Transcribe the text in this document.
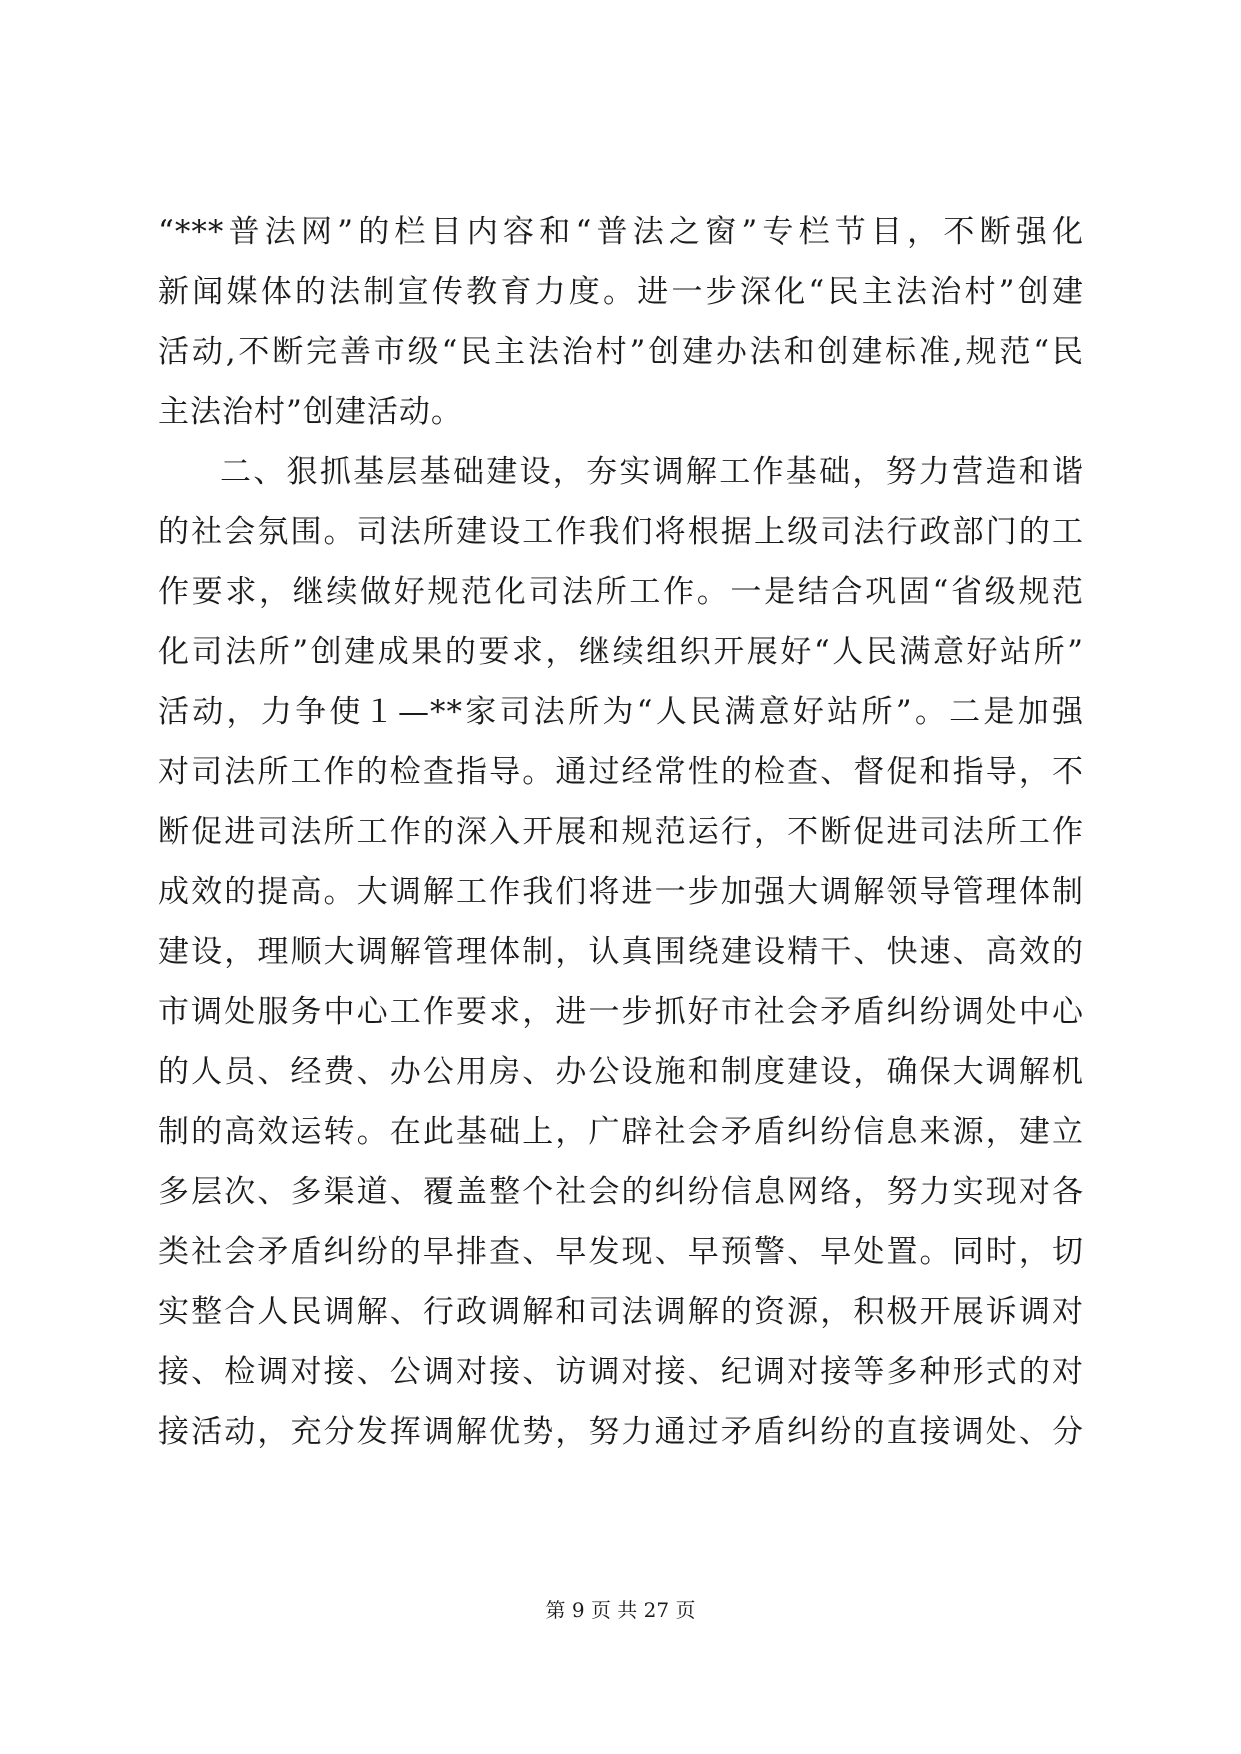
“***普法网”的栏目内容和“普法之窗”专栏节目，不断强化
新闻媒体的法制宣传教育力度。进一步深化“民主法治村”创建
活动,不断完善市级“民主法治村”创建办法和创建标准,规范“民
主法治村”创建活动。
二、狠抓基层基础建设，夯实调解工作基础，努力营造和谐
的社会氛围。司法所建设工作我们将根据上级司法行政部门的工
作要求，继续做好规范化司法所工作。一是结合巩固“省级规范
化司法所”创建成果的要求，继续组织开展好“人民满意好站所”
活动，力争使１—**家司法所为“人民满意好站所”。二是加强
对司法所工作的检查指导。通过经常性的检查、督促和指导，不
断促进司法所工作的深入开展和规范运行，不断促进司法所工作
成效的提高。大调解工作我们将进一步加强大调解领导管理体制
建设，理顺大调解管理体制，认真围绕建设精干、快速、高效的
市调处服务中心工作要求，进一步抓好市社会矛盾纠纷调处中心
的人员、经费、办公用房、办公设施和制度建设，确保大调解机
制的高效运转。在此基础上，广辟社会矛盾纠纷信息来源，建立
多层次、多渠道、覆盖整个社会的纠纷信息网络，努力实现对各
类社会矛盾纠纷的早排查、早发现、早预警、早处置。同时，切
实整合人民调解、行政调解和司法调解的资源，积极开展诉调对
接、检调对接、公调对接、访调对接、纪调对接等多种形式的对
接活动，充分发挥调解优势，努力通过矛盾纠纷的直接调处、分
第 9 页 共 27 页
